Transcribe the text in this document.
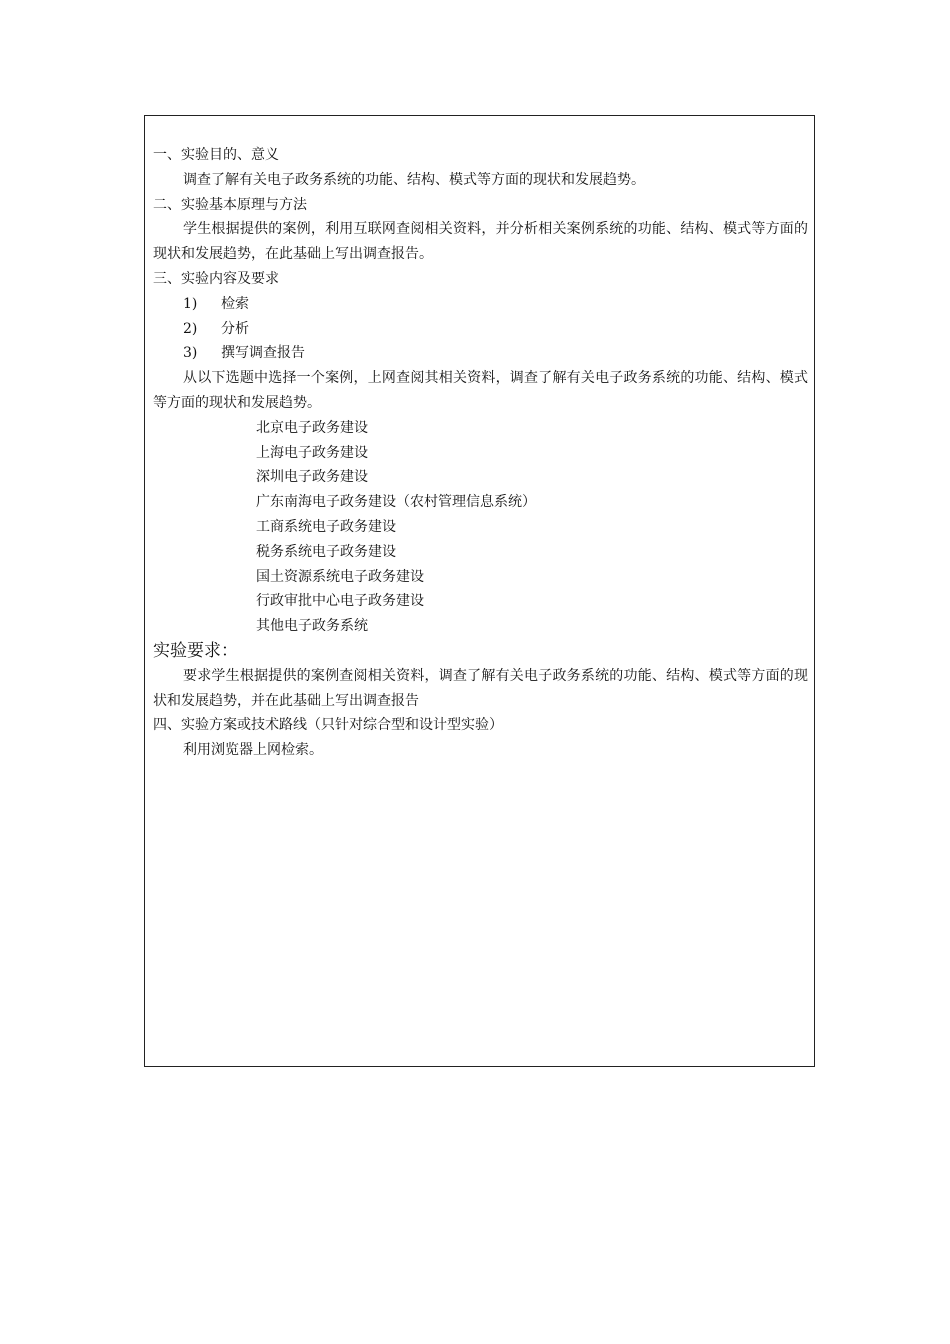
一、实验目的、意义

调查了解有关电子政务系统的功能、结构、模式等方面的现状和发展趋势。

二、实验基本原理与方法

学生根据提供的案例，利用互联网查阅相关资料，并分析相关案例系统的功能、结构、模式等方面的现状和发展趋势，在此基础上写出调查报告。

三、实验内容及要求

1) 检索
2) 分析
3) 撰写调查报告

从以下选题中选择一个案例，上网查阅其相关资料，调查了解有关电子政务系统的功能、结构、模式等方面的现状和发展趋势。

北京电子政务建设
上海电子政务建设
深圳电子政务建设
广东南海电子政务建设（农村管理信息系统）
工商系统电子政务建设
税务系统电子政务建设
国土资源系统电子政务建设
行政审批中心电子政务建设
其他电子政务系统

实验要求：

要求学生根据提供的案例查阅相关资料，调查了解有关电子政务系统的功能、结构、模式等方面的现状和发展趋势，并在此基础上写出调查报告

四、实验方案或技术路线（只针对综合型和设计型实验）

利用浏览器上网检索。
